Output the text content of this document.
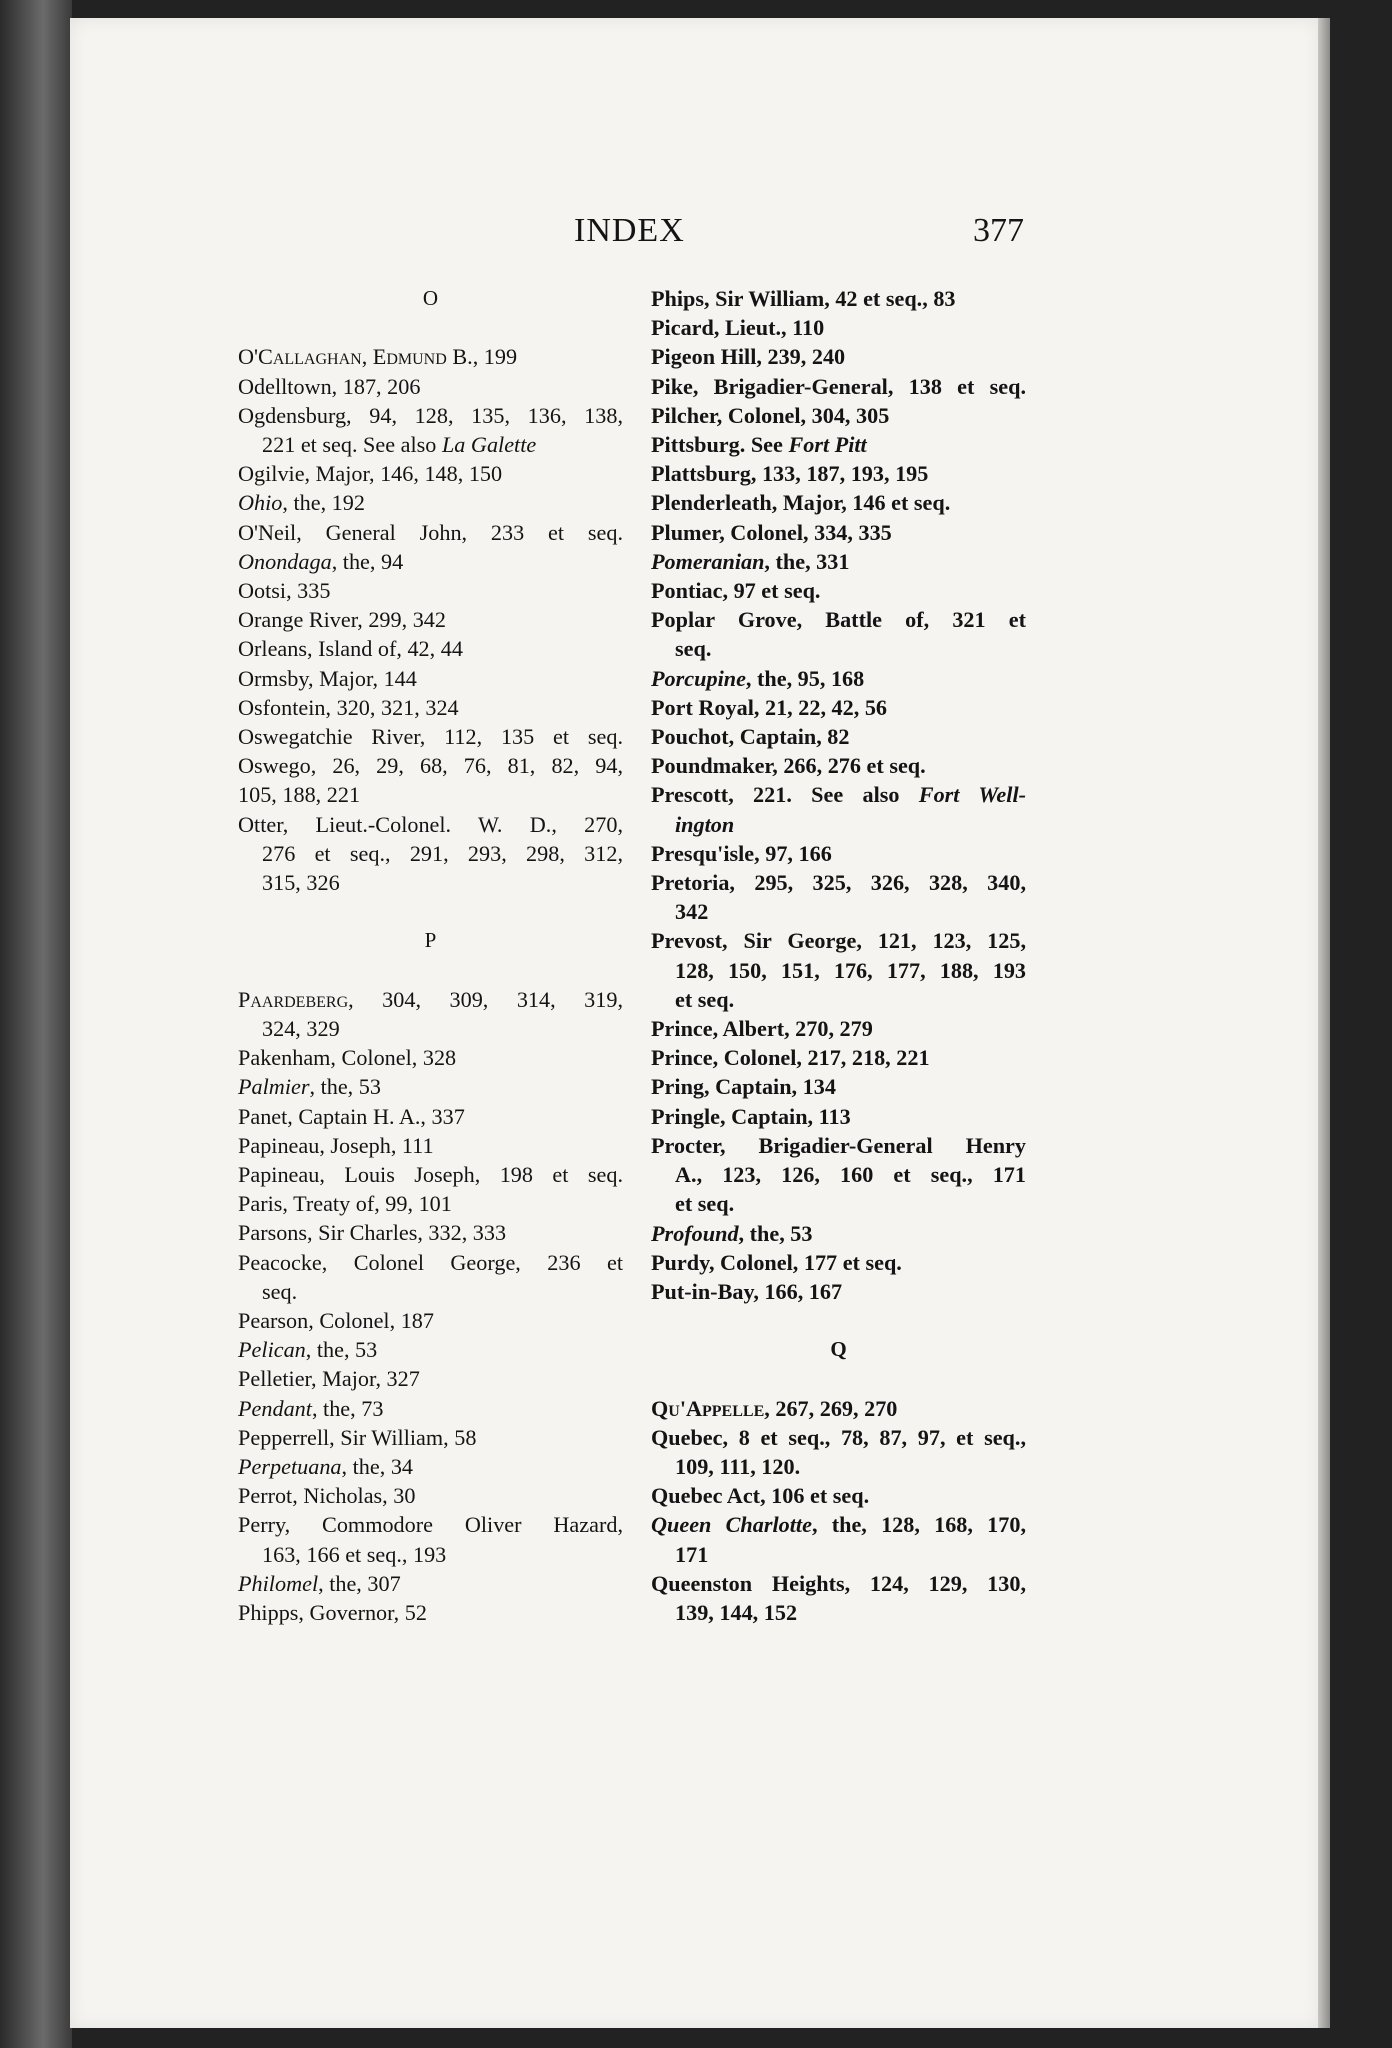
INDEX	377
O
O'Callaghan, Edmund B., 199
Odelltown, 187, 206
Ogdensburg, 94, 128, 135, 136, 138,
221 et seq. See also La Galette
Ogilvie, Major, 146, 148, 150
Ohio, the, 192
O'Neil, General John, 233 et seq.
Onondaga, the, 94
Ootsi, 335
Orange River, 299, 342
Orleans, Island of, 42, 44
Ormsby, Major, 144
Osfontein, 320, 321, 324
Oswegatchie River, 112, 135 et seq.
Oswego, 26, 29, 68, 76, 81, 82, 94,
105, 188, 221
Otter, Lieut.-Colonel. W. D., 270,
276 et seq., 291, 293, 298, 312,
315, 326
P
Paardeberg, 304, 309, 314, 319,
324, 329
Pakenham, Colonel, 328
Palmier, the, 53
Panet, Captain H. A., 337
Papineau, Joseph, 111
Papineau, Louis Joseph, 198 et seq.
Paris, Treaty of, 99, 101
Parsons, Sir Charles, 332, 333
Peacocke, Colonel George, 236 et
seq.
Pearson, Colonel, 187
Pelican, the, 53
Pelletier, Major, 327
Pendant, the, 73
Pepperrell, Sir William, 58
Perpetuana, the, 34
Perrot, Nicholas, 30
Perry, Commodore Oliver Hazard,
163, 166 et seq., 193
Philomel, the, 307
Phipps, Governor, 52
Phips, Sir William, 42 et seq., 83
Picard, Lieut., 110
Pigeon Hill, 239, 240
Pike, Brigadier-General, 138 et seq.
Pilcher, Colonel, 304, 305
Pittsburg. See Fort Pitt
Plattsburg, 133, 187, 193, 195
Plenderleath, Major, 146 et seq.
Plumer, Colonel, 334, 335
Pomeranian, the, 331
Pontiac, 97 et seq.
Poplar Grove, Battle of, 321 et
seq.
Porcupine, the, 95, 168
Port Royal, 21, 22, 42, 56
Pouchot, Captain, 82
Poundmaker, 266, 276 et seq.
Prescott, 221. See also Fort Well-
ington
Presqu'isle, 97, 166
Pretoria, 295, 325, 326, 328, 340,
342
Prevost, Sir George, 121, 123, 125,
128, 150, 151, 176, 177, 188, 193
et seq.
Prince, Albert, 270, 279
Prince, Colonel, 217, 218, 221
Pring, Captain, 134
Pringle, Captain, 113
Procter, Brigadier-General Henry
A., 123, 126, 160 et seq., 171
et seq.
Profound, the, 53
Purdy, Colonel, 177 et seq.
Put-in-Bay, 166, 167
Q
Qu'Appelle, 267, 269, 270
Quebec, 8 et seq., 78, 87, 97, et seq.,
109, 111, 120.
Quebec Act, 106 et seq.
Queen Charlotte, the, 128, 168, 170,
171
Queenston Heights, 124, 129, 130,
139, 144, 152
